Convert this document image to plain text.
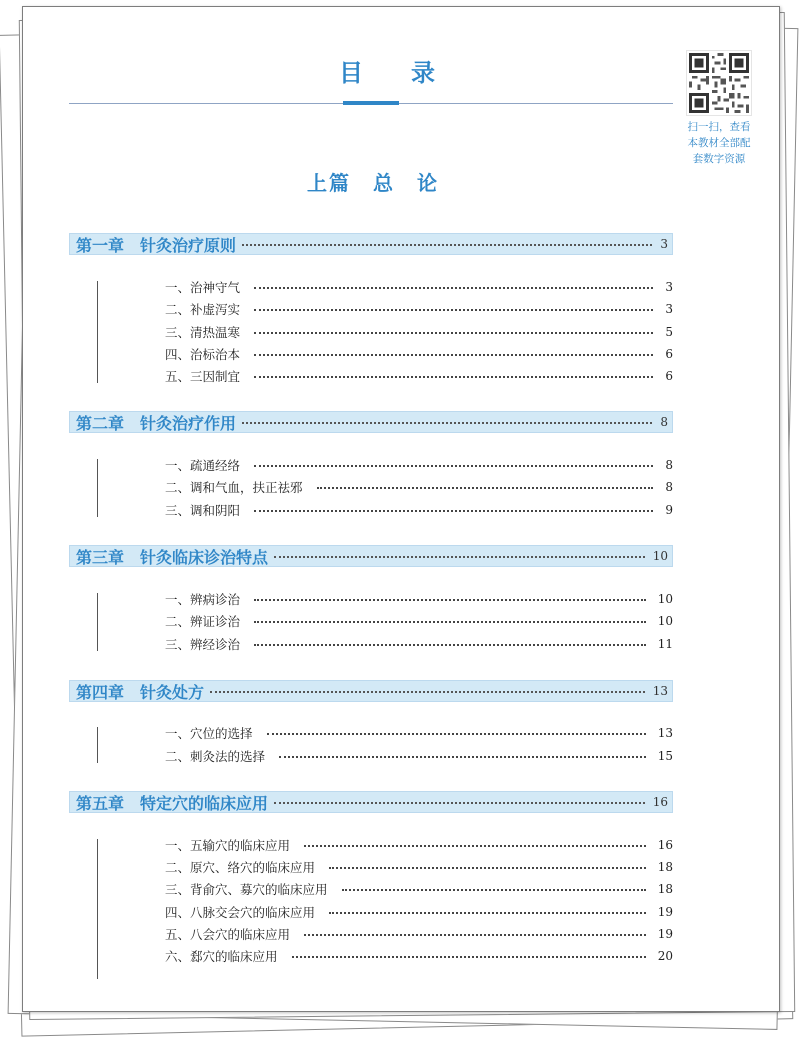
目　录
扫一扫，查看本教材全部配套数字资源
上篇　总　论
第一章 针灸治疗原则	3
一、治神守气	3
二、补虚泻实	3
三、清热温寒	5
四、治标治本	6
五、三因制宜	6
第二章 针灸治疗作用	8
一、疏通经络	8
二、调和气血，扶正祛邪	8
三、调和阴阳	9
第三章 针灸临床诊治特点	10
一、辨病诊治	10
二、辨证诊治	10
三、辨经诊治	11
第四章 针灸处方	13
一、穴位的选择	13
二、刺灸法的选择	15
第五章 特定穴的临床应用	16
一、五输穴的临床应用	16
二、原穴、络穴的临床应用	18
三、背俞穴、募穴的临床应用	18
四、八脉交会穴的临床应用	19
五、八会穴的临床应用	19
六、郄穴的临床应用	20
